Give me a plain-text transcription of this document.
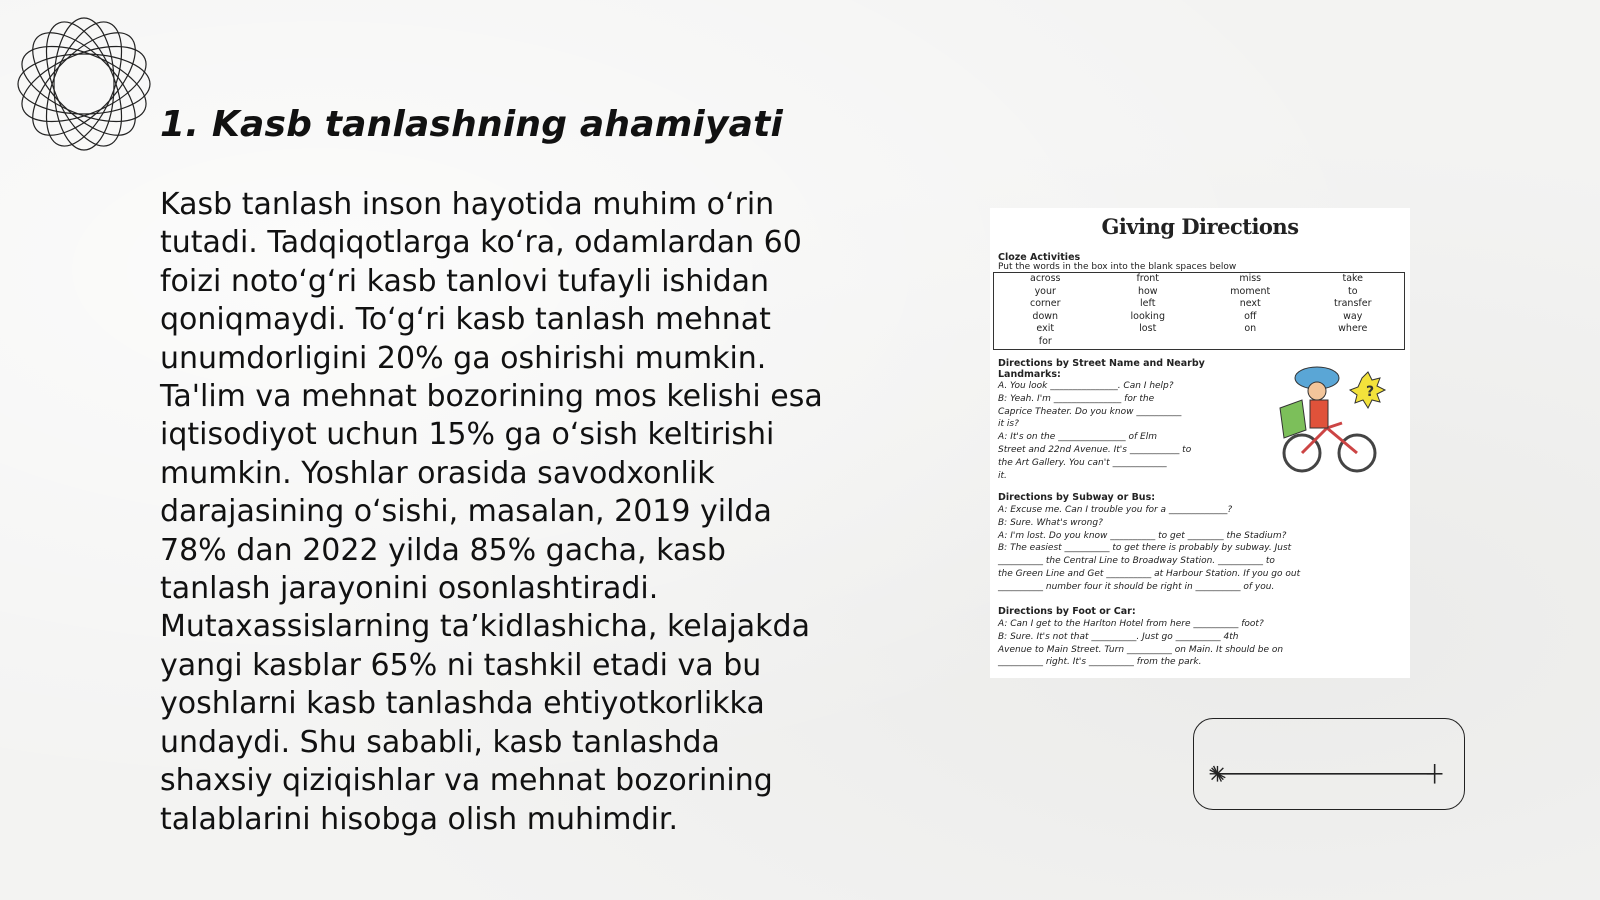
1. Kasb tanlashning ahamiyati

Kasb tanlash inson hayotida muhim o‘rin tutadi. Tadqiqotlarga ko‘ra, odamlardan 60 foizi noto‘g‘ri kasb tanlovi tufayli ishidan qoniqmaydi. To‘g‘ri kasb tanlash mehnat unumdorligini 20% ga oshirishi mumkin. Ta'lim va mehnat bozorining mos kelishi esa iqtisodiyot uchun 15% ga o‘sish keltirishi mumkin. Yoshlar orasida savodxonlik darajasining o‘sishi, masalan, 2019 yilda 78% dan 2022 yilda 85% gacha, kasb tanlash jarayonini osonlashtiradi. Mutaxassislarning ta’kidlashicha, kelajakda yangi kasblar 65% ni tashkil etadi va bu yoshlarni kasb tanlashda ehtiyotkorlikka undaydi. Shu sababli, kasb tanlashda shaxsiy qiziqishlar va mehnat bozorining talablarini hisobga olish muhimdir.

Giving Directions
Cloze Activities
Put the words in the box into the blank spaces below
across	front	miss	take
your	how	moment	to
corner	left	next	transfer
down	looking	off	way
exit	lost	on	where
for
Directions by Street Name and Nearby
Landmarks:
A. You look _______________. Can I help?
B: Yeah. I'm _______________ for the
Caprice Theater. Do you know __________
it is?
A: It's on the _______________ of Elm
Street and 22nd Avenue. It's ___________ to
the Art Gallery. You can't ____________
it.
?
Directions by Subway or Bus:
A: Excuse me. Can I trouble you for a _____________?
B: Sure. What's wrong?
A: I'm lost. Do you know __________ to get ________ the Stadium?
B: The easiest __________ to get there is probably by subway. Just
__________ the Central Line to Broadway Station. __________ to
the Green Line and Get __________ at Harbour Station. If you go out
__________ number four it should be right in __________ of you.
Directions by Foot or Car:
A: Can I get to the Harlton Hotel from here __________ foot?
B: Sure. It's not that __________. Just go __________ 4th
Avenue to Main Street. Turn __________ on Main. It should be on
__________ right. It's __________ from the park.
